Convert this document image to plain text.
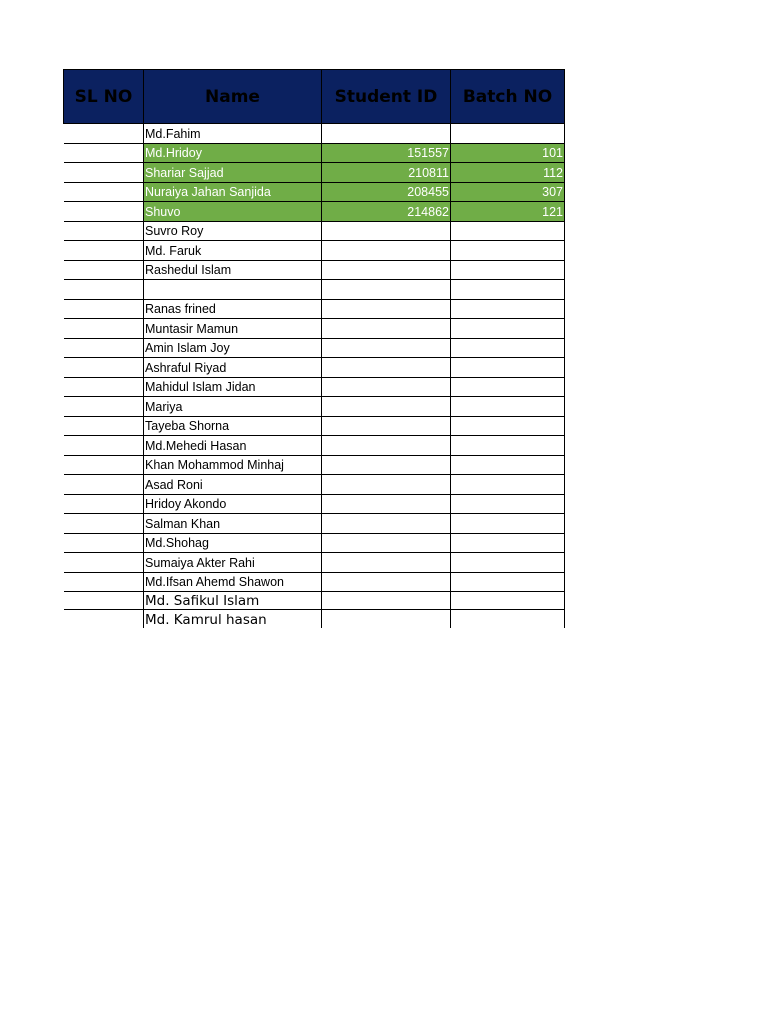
SL NO	Name	Student ID	Batch NO
	Md.Fahim		
	Md.Hridoy	151557	101
	Shariar Sajjad	210811	112
	Nuraiya Jahan Sanjida	208455	307
	Shuvo	214862	121
	Suvro Roy		
	Md. Faruk		
	Rashedul Islam		

	Ranas frined		
	Muntasir Mamun		
	Amin Islam Joy		
	Ashraful Riyad		
	Mahidul Islam Jidan		
	Mariya		
	Tayeba Shorna		
	Md.Mehedi Hasan		
	Khan Mohammod Minhaj		
	Asad Roni		
	Hridoy Akondo		
	Salman Khan		
	Md.Shohag		
	Sumaiya Akter Rahi		
	Md.Ifsan Ahemd Shawon		
	Md. Safikul Islam		
	Md. Kamrul hasan		
